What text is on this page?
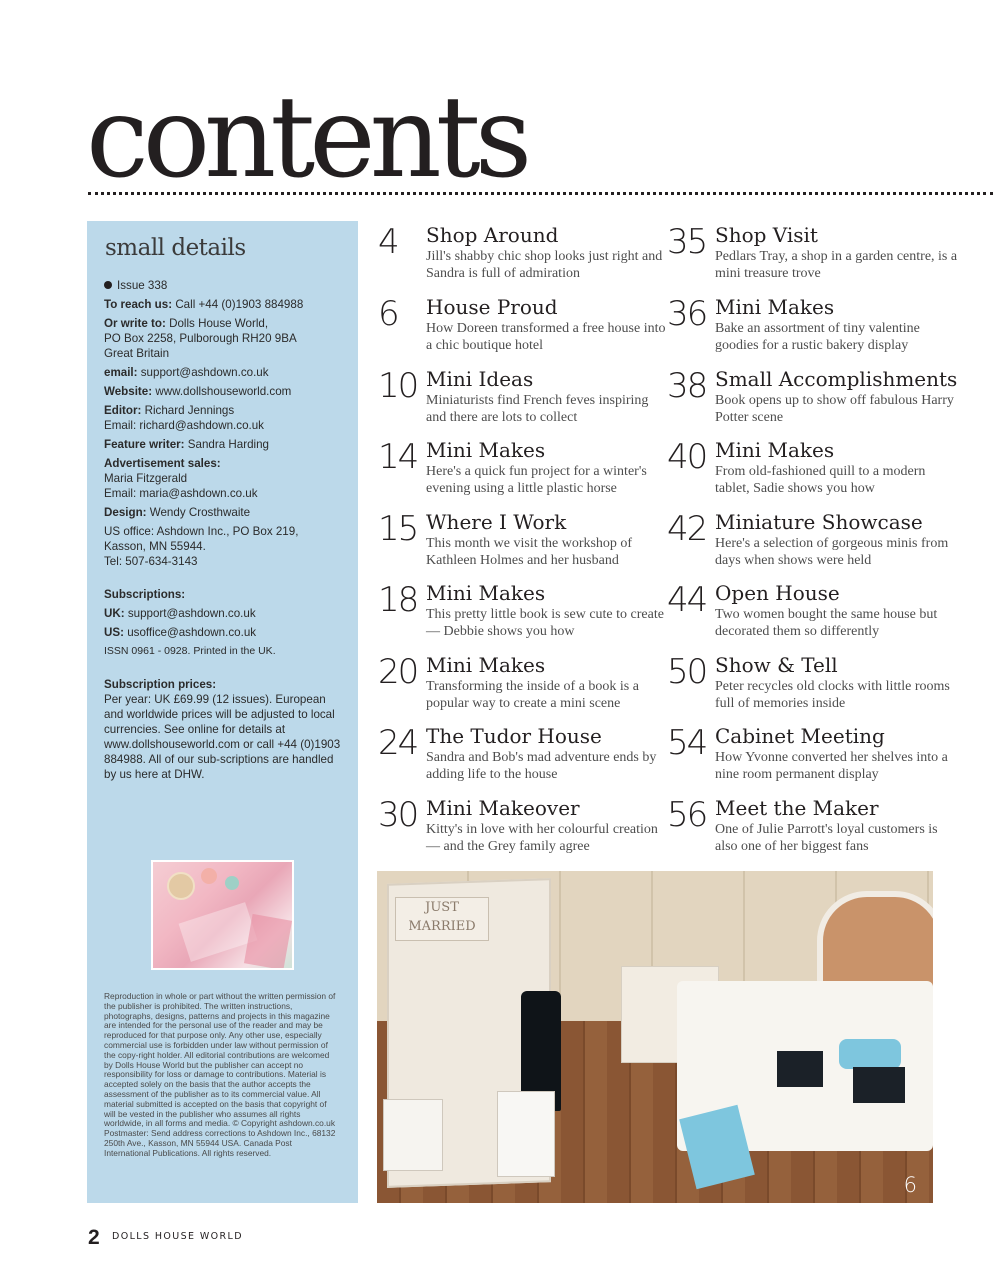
contents
small details

Issue 338

To reach us: Call +44 (0)1903 884988

Or write to: Dolls House World,
PO Box 2258, Pulborough RH20 9BA
Great Britain

email: support@ashdown.co.uk

Website: www.dollshouseworld.com

Editor: Richard Jennings
Email: richard@ashdown.co.uk

Feature writer: Sandra Harding

Advertisement sales:
Maria Fitzgerald
Email: maria@ashdown.co.uk

Design: Wendy Crosthwaite

US office: Ashdown Inc., PO Box 219,
Kasson, MN 55944.
Tel: 507-634-3143

Subscriptions:

UK: support@ashdown.co.uk

US: usoffice@ashdown.co.uk

ISSN 0961 - 0928. Printed in the UK.

Subscription prices:
Per year: UK £69.99 (12 issues). European and worldwide prices will be adjusted to local currencies. See online for details at www.dollshouseworld.com or call +44 (0)1903 884988. All of our sub-scriptions are handled by us here at DHW.

Reproduction in whole or part without the written permission of the publisher is prohibited. The written instructions, photographs, designs, patterns and projects in this magazine are intended for the personal use of the reader and may be reproduced for that purpose only. Any other use, especially commercial use is forbidden under law without permission of the copy-right holder. All editorial contributions are welcomed by Dolls House World but the publisher can accept no responsibility for loss or damage to contributions. Material is accepted solely on the basis that the author accepts the assessment of the publisher as to its commercial value. All material submitted is accepted on the basis that copyright of will be vested in the publisher who assumes all rights worldwide, in all forms and media. © Copyright ashdown.co.uk
Postmaster: Send address corrections to Ashdown Inc., 68132 250th Ave., Kasson, MN 55944 USA. Canada Post International Publications. All rights reserved.
4 Shop Around
Jill's shabby chic shop looks just right and Sandra is full of admiration
6 House Proud
How Doreen transformed a free house into a chic boutique hotel
10 Mini Ideas
Miniaturists find French feves inspiring and there are lots to collect
14 Mini Makes
Here's a quick fun project for a winter's evening using a little plastic horse
15 Where I Work
This month we visit the workshop of Kathleen Holmes and her husband
18 Mini Makes
This pretty little book is sew cute to create — Debbie shows you how
20 Mini Makes
Transforming the inside of a book is a popular way to create a mini scene
24 The Tudor House
Sandra and Bob's mad adventure ends by adding life to the house
30 Mini Makeover
Kitty's in love with her colourful creation — and the Grey family agree
35 Shop Visit
Pedlars Tray, a shop in a garden centre, is a mini treasure trove
36 Mini Makes
Bake an assortment of tiny valentine goodies for a rustic bakery display
38 Small Accomplishments
Book opens up to show off fabulous Harry Potter scene
40 Mini Makes
From old-fashioned quill to a modern tablet, Sadie shows you how
42 Miniature Showcase
Here's a selection of gorgeous minis from days when shows were held
44 Open House
Two women bought the same house but decorated them so differently
50 Show & Tell
Peter recycles old clocks with little rooms full of memories inside
54 Cabinet Meeting
How Yvonne converted her shelves into a nine room permanent display
56 Meet the Maker
One of Julie Parrott's loyal customers is also one of her biggest fans
JUST
MARRIED
6
2 DOLLS HOUSE WORLD
